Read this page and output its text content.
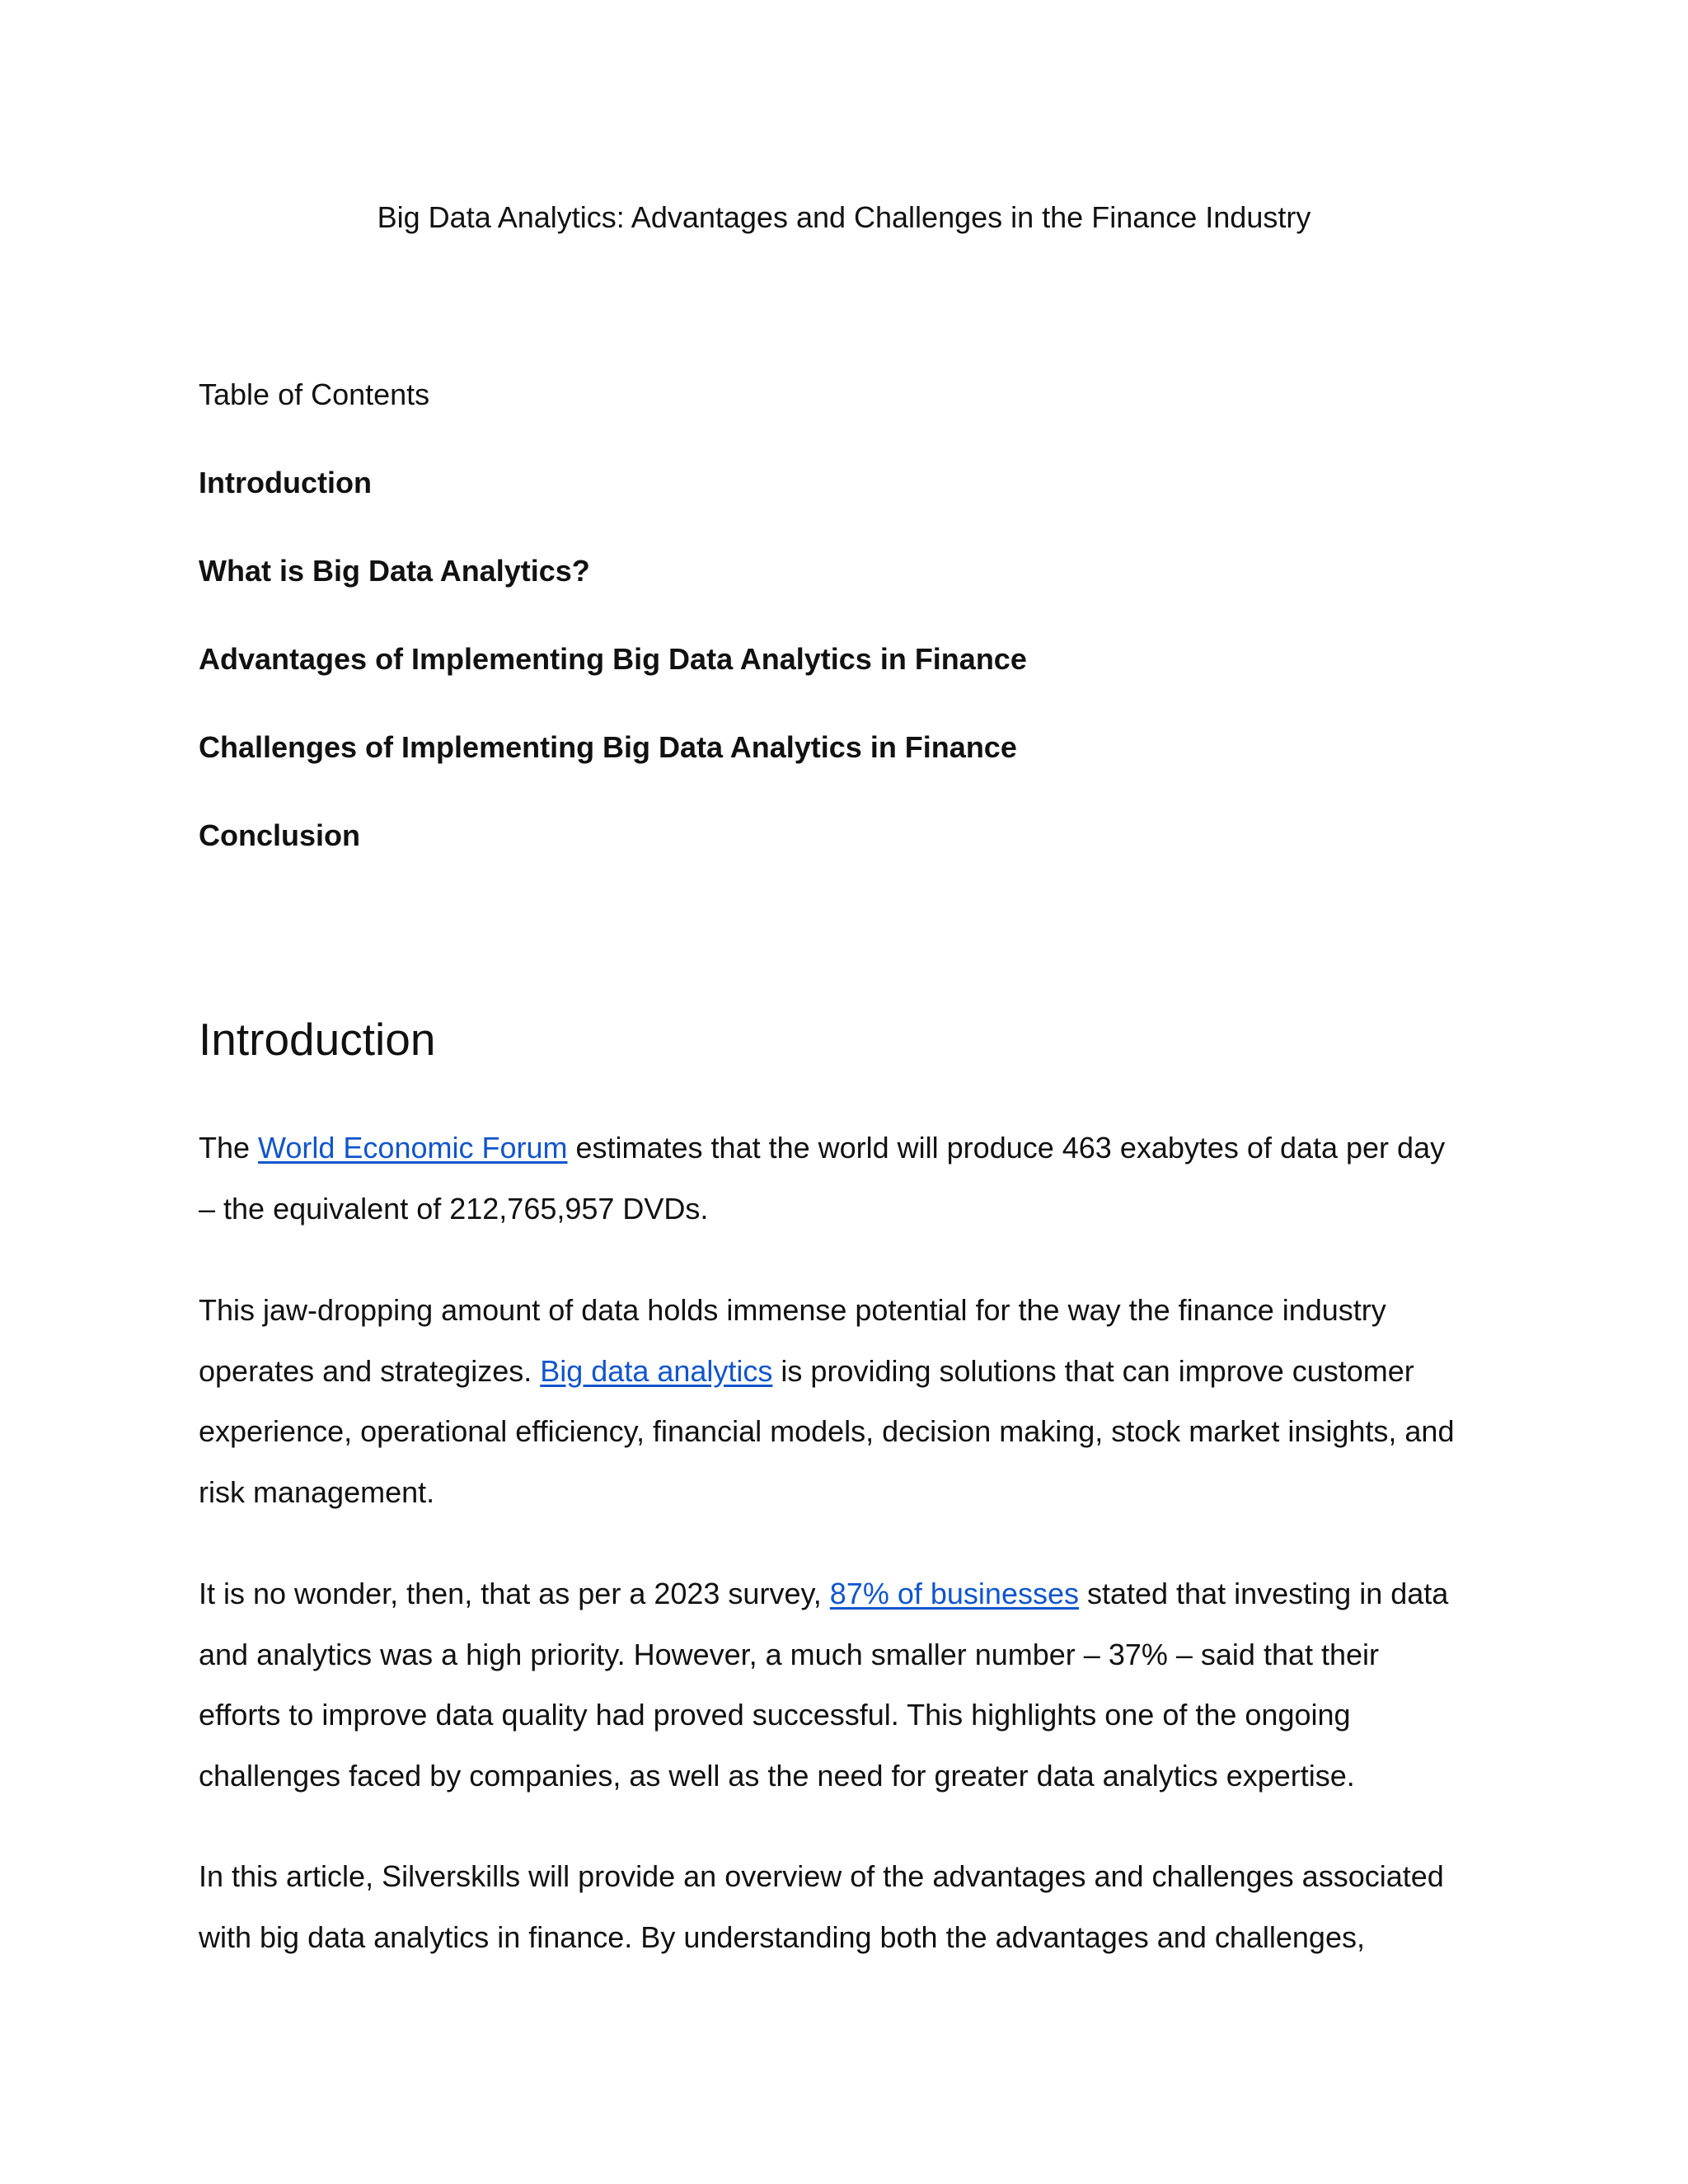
Big Data Analytics: Advantages and Challenges in the Finance Industry
Table of Contents
Introduction
What is Big Data Analytics?
Advantages of Implementing Big Data Analytics in Finance
Challenges of Implementing Big Data Analytics in Finance
Conclusion
Introduction

The World Economic Forum estimates that the world will produce 463 exabytes of data per day
– the equivalent of 212,765,957 DVDs.

This jaw-dropping amount of data holds immense potential for the way the finance industry
operates and strategizes. Big data analytics is providing solutions that can improve customer
experience, operational efficiency, financial models, decision making, stock market insights, and
risk management.

It is no wonder, then, that as per a 2023 survey, 87% of businesses stated that investing in data
and analytics was a high priority. However, a much smaller number – 37% – said that their
efforts to improve data quality had proved successful. This highlights one of the ongoing
challenges faced by companies, as well as the need for greater data analytics expertise.

In this article, Silverskills will provide an overview of the advantages and challenges associated
with big data analytics in finance. By understanding both the advantages and challenges,
